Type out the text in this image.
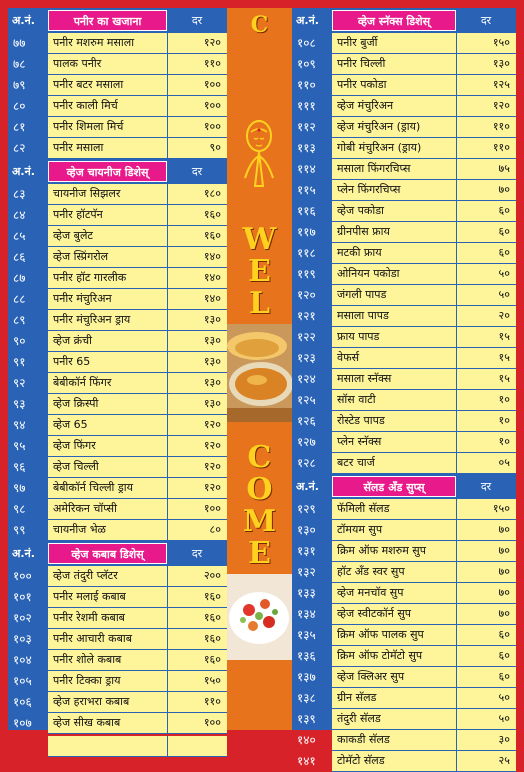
C
W
E
L
C
O
M
E
अ.नं.	पनीर का खजाना	दर
७७	पनीर मशरुम मसाला	१२०
७८	पालक पनीर	११०
७९	पनीर बटर मसाला	१००
८०	पनीर काली मिर्च	१००
८१	पनीर शिमला मिर्च	१००
८२	पनीर मसाला	९०
अ.नं.	व्हेज चायनीज डिशेस्	दर
८३	चायनीज सिझलर	१८०
८४	पनीर हॉटपॅन	१६०
८५	व्हेज बुलेट	१६०
८६	व्हेज स्प्रिंगरोल	१४०
८७	पनीर हॉट गारलीक	१४०
८८	पनीर मंचुरिअन	१४०
८९	पनीर मंचुरिअन ड्राय	१३०
९०	व्हेज क्रंची	१३०
९१	पनीर 65	१३०
९२	बेबीकॉर्न फिंगर	१३०
९३	व्हेज क्रिस्पी	१३०
९४	व्हेज 65	१२०
९५	व्हेज फिंगर	१२०
९६	व्हेज चिल्ली	१२०
९७	बेबीकॉर्न चिल्ली ड्राय	१२०
९८	अमेरिकन चॉप्सी	१००
९९	चायनीज भेळ	८०
अ.नं.	व्हेज कबाब डिशेस्	दर
१००	व्हेज तंदुरी प्लॅटर	२००
१०१	पनीर मलाई कबाब	१६०
१०२	पनीर रेशमी कबाब	१६०
१०३	पनीर आचारी कबाब	१६०
१०४	पनीर शोले कबाब	१६०
१०५	पनीर टिक्का ड्राय	१५०
१०६	व्हेज हराभरा कबाब	११०
१०७	व्हेज सीख कबाब	१००
अ.नं.	व्हेज स्नॅक्स डिशेस्	दर
१०८	पनीर बुर्जी	१५०
१०९	पनीर चिल्ली	१३०
११०	पनीर पकोडा	१२५
१११	व्हेज मंचुरिअन	१२०
११२	व्हेज मंचुरिअन (ड्राय)	११०
११३	गोबी मंचुरिअन (ड्राय)	११०
११४	मसाला फिंगरचिप्स	७५
११५	प्लेन फिंगरचिप्स	७०
११६	व्हेज पकोडा	६०
११७	ग्रीनपीस फ्राय	६०
११८	मटकी फ्राय	६०
११९	ओनियन पकोडा	५०
१२०	जंगली पापड	५०
१२१	मसाला पापड	२०
१२२	फ्राय पापड	१५
१२३	वेफर्स	१५
१२४	मसाला स्नॅक्स	१५
१२५	सॉस वाटी	१०
१२६	रोस्टेड पापड	१०
१२७	प्लेन स्नॅक्स	१०
१२८	बटर चार्ज	०५
अ.नं.	सॅलड अँड सुप्स्	दर
१२९	फॅमिली सॅलड	१५०
१३०	टॉमयम सुप	७०
१३१	क्रिम ऑफ मशरुम सुप	७०
१३२	हॉट अँड स्वर सुप	७०
१३३	व्हेज मनचॉव सुप	७०
१३४	व्हेज स्वीटकॉर्न सुप	७०
१३५	क्रिम ऑफ पालक सुप	६०
१३६	क्रिम ऑफ टोमॅटो सुप	६०
१३७	व्हेज क्लिअर सुप	६०
१३८	ग्रीन सॅलड	५०
१३९	तंदुरी सॅलड	५०
१४०	काकडी सॅलड	३०
१४१	टोमॅटो सॅलड	२५
